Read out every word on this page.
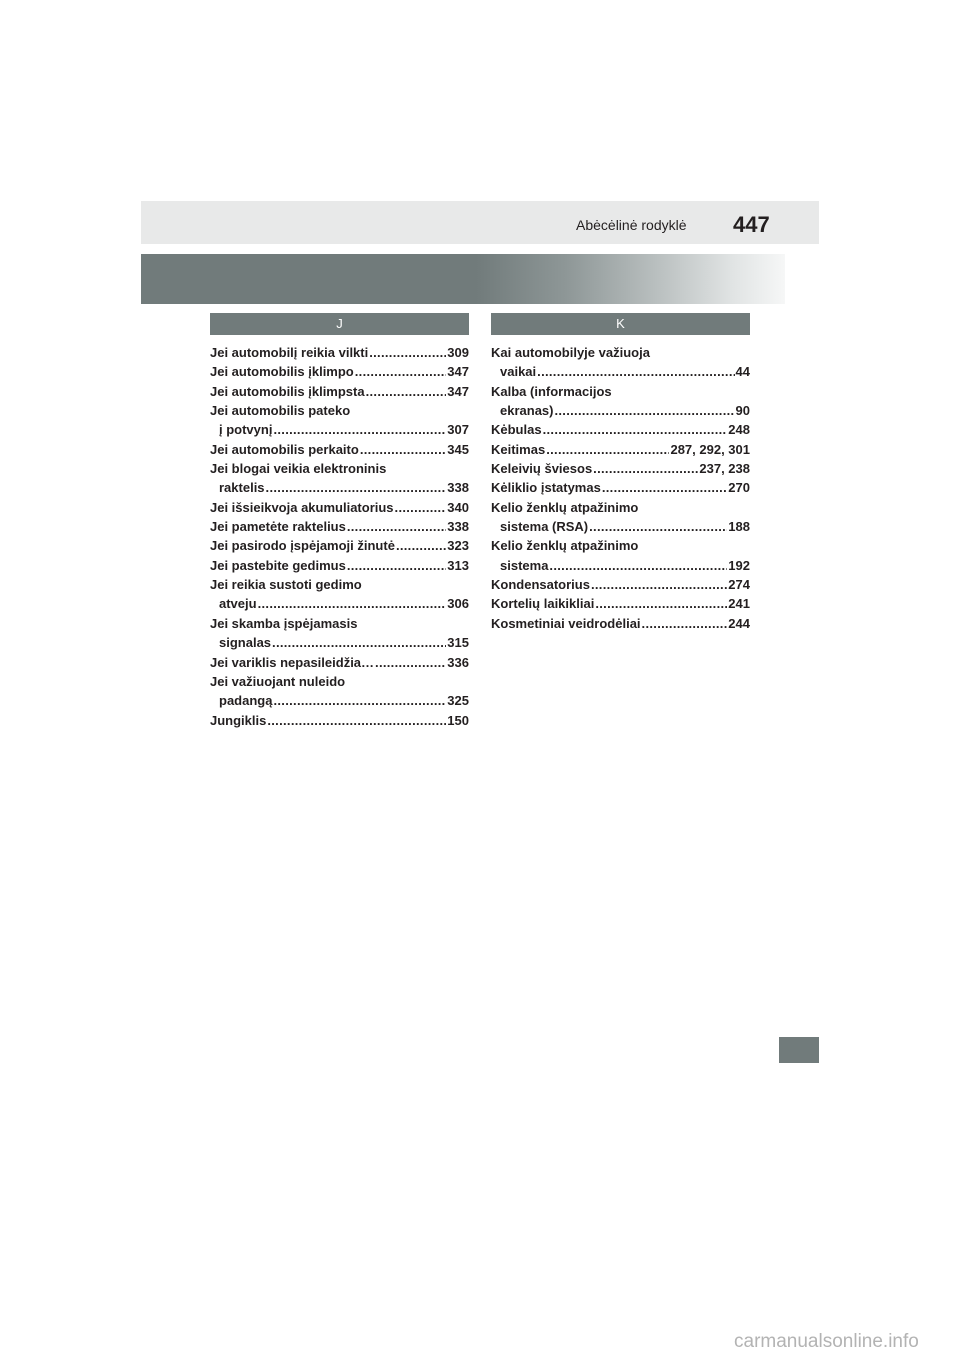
Abėcėlinė rodyklė 447
J
Jei automobilį reikia vilkti .....	309
Jei automobilis įklimpo .....	347
Jei automobilis įklimpsta .....	347
Jei automobilis pateko
į potvynį .....	307
Jei automobilis perkaito .....	345
Jei blogai veikia elektroninis
raktelis .....	338
Jei išsieikvoja akumuliatorius .....	340
Jei pametėte raktelius .....	338
Jei pasirodo įspėjamoji žinutė .....	323
Jei pastebite gedimus .....	313
Jei reikia sustoti gedimo
atveju .....	306
Jei skamba įspėjamasis
signalas .....	315
Jei variklis nepasileidžia… .....	336
Jei važiuojant nuleido
padangą .....	325
Jungiklis .....	150
K
Kai automobilyje važiuoja
vaikai .....	44
Kalba (informacijos
ekranas) .....	90
Kėbulas .....	248
Keitimas .....	287, 292, 301
Keleivių šviesos .....	237, 238
Kėliklio įstatymas .....	270
Kelio ženklų atpažinimo
sistema (RSA) .....	188
Kelio ženklų atpažinimo
sistema .....	192
Kondensatorius .....	274
Kortelių laikikliai .....	241
Kosmetiniai veidrodėliai .....	244
carmanualsonline.info
